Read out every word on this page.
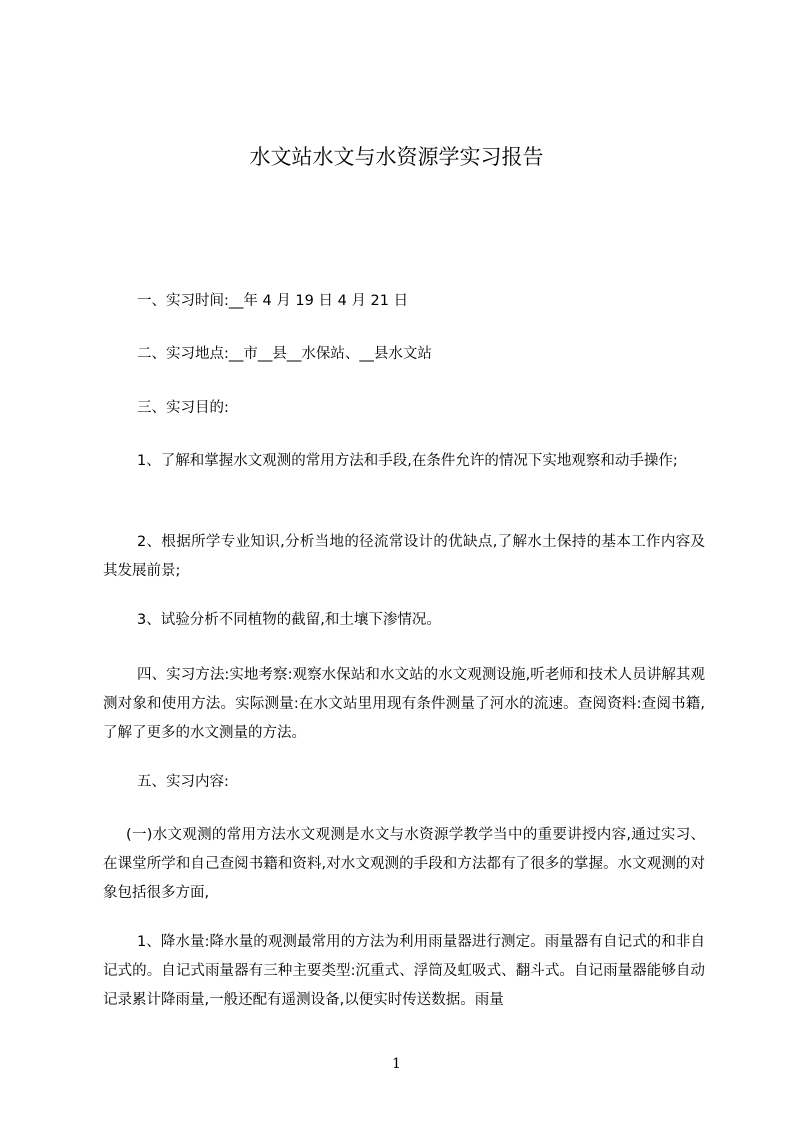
水文站水文与水资源学实习报告

一、实习时间:__年 4 月 19 日 4 月 21 日

二、实习地点:__市__县__水保站、__县水文站

三、实习目的:

1、了解和掌握水文观测的常用方法和手段,在条件允许的情况下实地观察和动手操作;

2、根据所学专业知识,分析当地的径流常设计的优缺点,了解水土保持的基本工作内容及其发展前景;

3、试验分析不同植物的截留,和土壤下渗情况。

四、实习方法:实地考察:观察水保站和水文站的水文观测设施,听老师和技术人员讲解其观测对象和使用方法。实际测量:在水文站里用现有条件测量了河水的流速。查阅资料:查阅书籍,了解了更多的水文测量的方法。

五、实习内容:

(一)水文观测的常用方法水文观测是水文与水资源学教学当中的重要讲授内容,通过实习、在课堂所学和自己查阅书籍和资料,对水文观测的手段和方法都有了很多的掌握。水文观测的对象包括很多方面,

1、降水量:降水量的观测最常用的方法为利用雨量器进行测定。雨量器有自记式的和非自记式的。自记式雨量器有三种主要类型:沉重式、浮筒及虹吸式、翻斗式。自记雨量器能够自动记录累计降雨量,一般还配有遥测设备,以便实时传送数据。雨量

1
